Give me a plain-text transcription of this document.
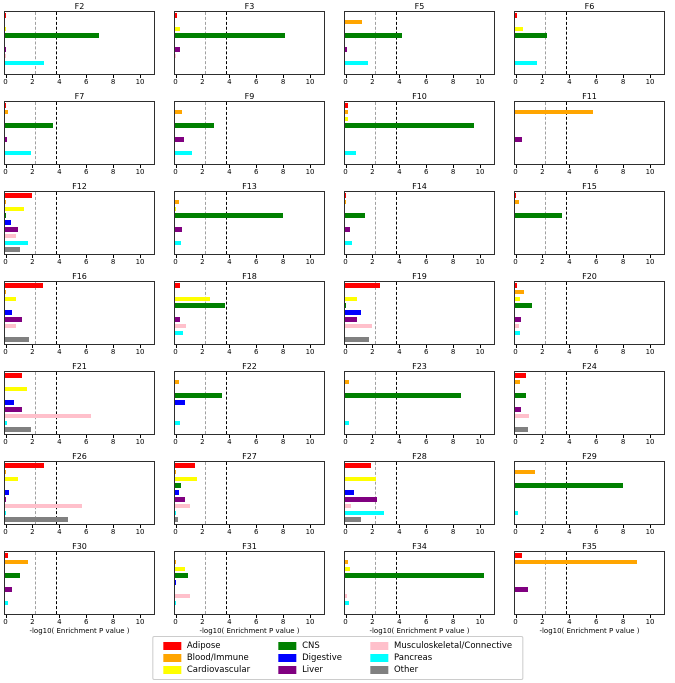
F2
0	2	4	6	8	10
F3
0	2	4	6	8	10
F5
0	2	4	6	8	10
F6
0	2	4	6	8	10
F7
0	2	4	6	8	10
F9
0	2	4	6	8	10
F10
0	2	4	6	8	10
F11
0	2	4	6	8	10
F12
0	2	4	6	8	10
F13
0	2	4	6	8	10
F14
0	2	4	6	8	10
F15
0	2	4	6	8	10
F16
0	2	4	6	8	10
F18
0	2	4	6	8	10
F19
0	2	4	6	8	10
F20
0	2	4	6	8	10
F21
0	2	4	6	8	10
F22
0	2	4	6	8	10
F23
0	2	4	6	8	10
F24
0	2	4	6	8	10
F26
0	2	4	6	8	10
F27
0	2	4	6	8	10
F28
0	2	4	6	8	10
F29
0	2	4	6	8	10
F30
0	2	4	6	8	10
-log10( Enrichment P value )
F31
0	2	4	6	8	10
-log10( Enrichment P value )
F34
0	2	4	6	8	10
-log10( Enrichment P value )
F35
0	2	4	6	8	10
-log10( Enrichment P value )
Adipose
Blood/Immune
Cardiovascular
CNS
Digestive
Liver
Musculoskeletal/Connective
Pancreas
Other
